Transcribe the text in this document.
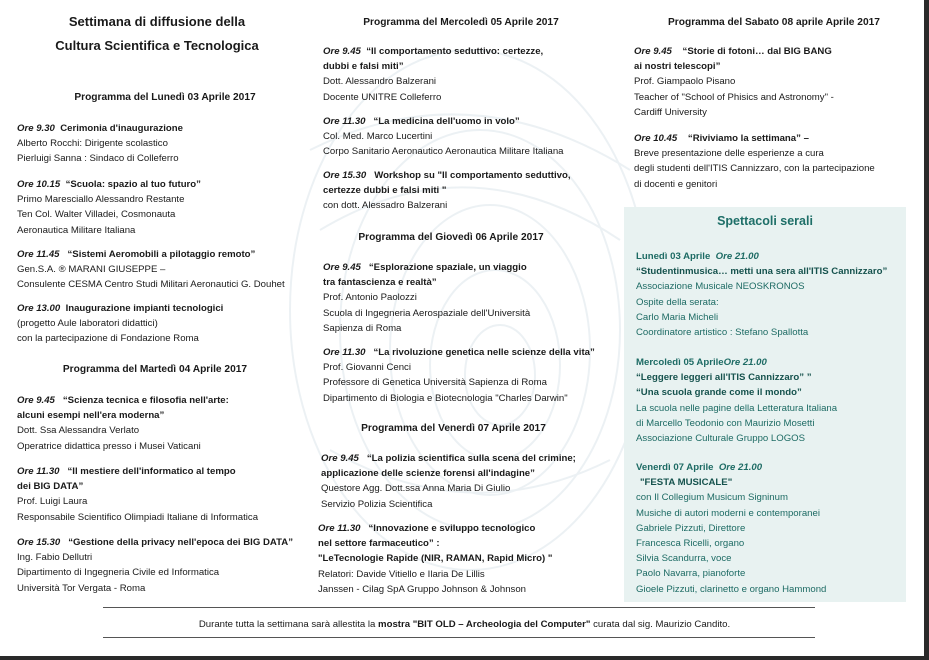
Settimana di diffusione della
Cultura Scientifica e Tecnologica
Programma del Lunedì 03 Aprile 2017

Ore 9.30 Cerimonia d'inaugurazione

Alberto Rocchi: Dirigente scolastico

Pierluigi Sanna : Sindaco di Colleferro

Ore 10.15 “Scuola: spazio al tuo futuro”

Primo Maresciallo Alessandro Restante

Ten Col. Walter Villadei, Cosmonauta

Aeronautica Militare Italiana

Ore 11.45 “Sistemi Aeromobili a pilotaggio remoto”

Gen.S.A. ® MARANI GIUSEPPE –

Consulente CESMA Centro Studi Militari Aeronautici G. Douhet

Ore 13.00 Inaugurazione impianti tecnologici

(progetto Aule laboratori didattici)

con la partecipazione di Fondazione Roma

Programma del Martedì 04 Aprile 2017

Ore 9.45 “Scienza tecnica e filosofia nell'arte:

alcuni esempi nell'era moderna”

Dott. Ssa Alessandra Verlato

Operatrice didattica presso i Musei Vaticani

Ore 11.30 “Il mestiere dell'informatico al tempo

dei BIG DATA”

Prof. Luigi Laura

Responsabile Scientifico Olimpiadi Italiane di Informatica

Ore 15.30 “Gestione della privacy nell'epoca dei BIG DATA”

Ing. Fabio Dellutri

Dipartimento di Ingegneria Civile ed Informatica

Università Tor Vergata - Roma

Programma del Mercoledì 05 Aprile 2017

Ore 9.45 “Il comportamento seduttivo: certezze,

dubbi e falsi miti”

Dott. Alessandro Balzerani

Docente UNITRE Colleferro

Ore 11.30 “La medicina dell'uomo in volo”

Col. Med. Marco Lucertini

Corpo Sanitario Aeronautico Aeronautica Militare Italiana

Ore 15.30 Workshop su "Il comportamento seduttivo,

certezze dubbi e falsi miti "

con dott. Alessadro Balzerani

Programma del Giovedì 06 Aprile 2017

Ore 9.45 “Esplorazione spaziale, un viaggio

tra fantascienza e realtà”

Prof. Antonio Paolozzi

Scuola di Ingegneria Aerospaziale dell'Università

Sapienza di Roma

Ore 11.30 “La rivoluzione genetica nelle scienze della vita”

Prof. Giovanni Cenci

Professore di Genetica Università Sapienza di Roma

Dipartimento di Biologia e Biotecnologia "Charles Darwin"

Programma del Venerdì 07 Aprile 2017

Ore 9.45 “La polizia scientifica sulla scena del crimine;

applicazione delle scienze forensi all'indagine”

Questore Agg. Dott.ssa Anna Maria Di Giulio

Servizio Polizia Scientifica

Ore 11.30 “Innovazione e sviluppo tecnologico

nel settore farmaceutico” :

"LeTecnologie Rapide (NIR, RAMAN, Rapid Micro) "

Relatori: Davide Vitiello e Ilaria De Lillis

Janssen - Cilag SpA Gruppo Johnson & Johnson

Programma del Sabato 08 aprile Aprile 2017

Ore 9.45 “Storie di fotoni… dal BIG BANG

ai nostri telescopi”

Prof. Giampaolo Pisano

Teacher of "School of Phisics and Astronomy" -

Cardiff University

Ore 10.45 “Riviviamo la settimana” –

Breve presentazione delle esperienze a cura

degli studenti dell'ITIS Cannizzaro, con la partecipazione

di docenti e genitori

Spettacoli serali

Lunedì 03 Aprile Ore 21.00

“Studentinmusica… metti una sera all'ITIS Cannizzaro”

Associazione Musicale NEOSKRONOS

Ospite della serata:

Carlo Maria Micheli

Coordinatore artistico : Stefano Spallotta

Mercoledì 05 AprileOre 21.00

“Leggere leggeri all'ITIS Cannizzaro” ”

“Una scuola grande come il mondo”

La scuola nelle pagine della Letteratura Italiana

di Marcello Teodonio con Maurizio Mosetti

Associazione Culturale Gruppo LOGOS

Venerdì 07 Aprile Ore 21.00

"FESTA MUSICALE"

con Il Collegium Musicum Signinum

Musiche di autori moderni e contemporanei

Gabriele Pizzuti, Direttore

Francesca Ricelli, organo

Silvia Scandurra, voce

Paolo Navarra, pianoforte

Gioele Pizzuti, clarinetto e organo Hammond

Durante tutta la settimana sarà allestita la mostra "BIT OLD – Archeologia del Computer" curata dal sig. Maurizio Candito.
